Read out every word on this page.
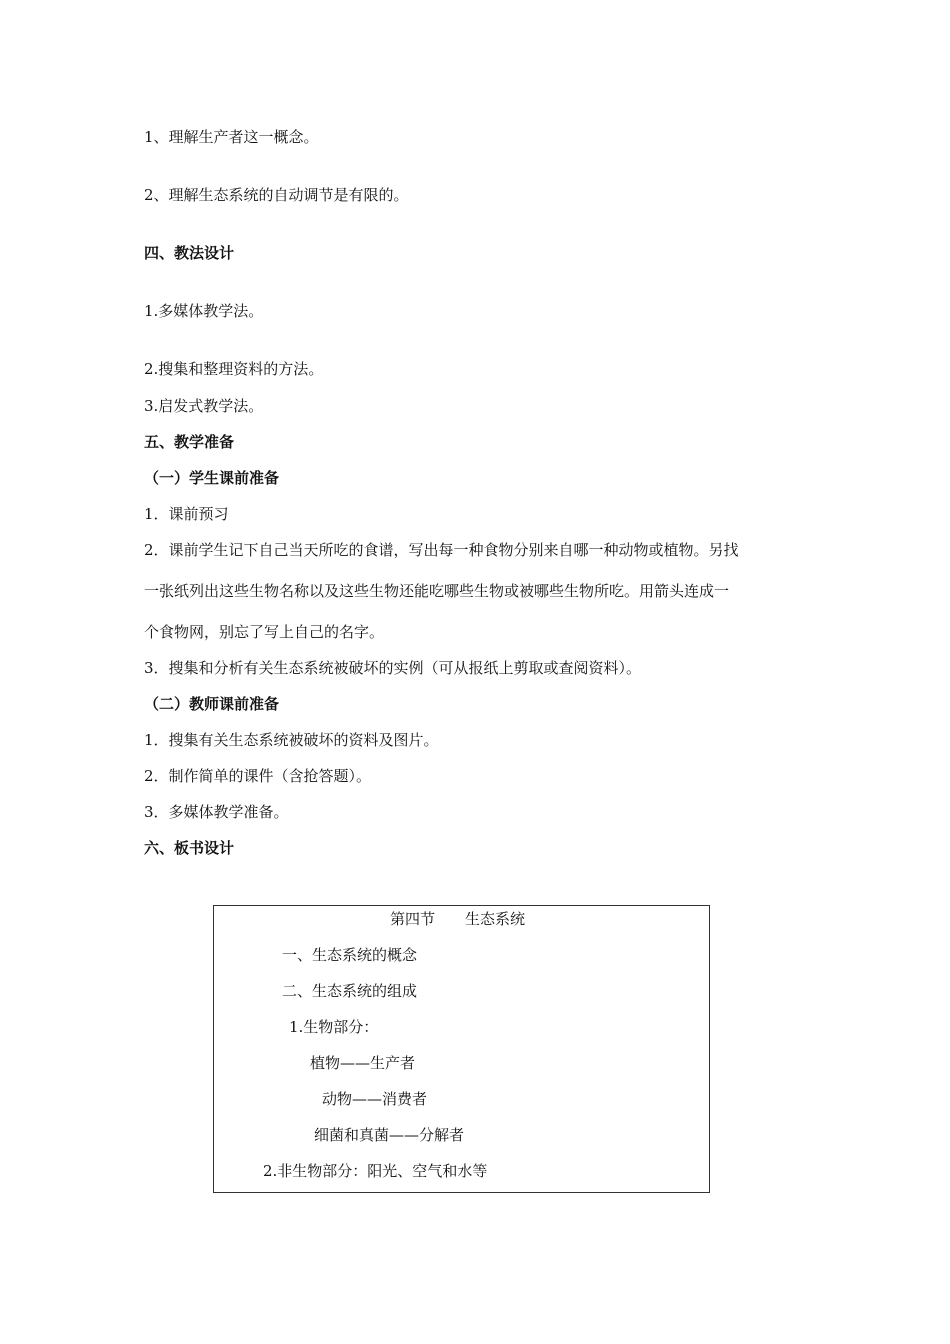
1、理解生产者这一概念。

2、理解生态系统的自动调节是有限的。

四、教法设计

1.多媒体教学法。

2.搜集和整理资料的方法。

3.启发式教学法。

五、教学准备

（一）学生课前准备

1．课前预习

2．课前学生记下自己当天所吃的食谱，写出每一种食物分别来自哪一种动物或植物。另找

一张纸列出这些生物名称以及这些生物还能吃哪些生物或被哪些生物所吃。用箭头连成一

个食物网，别忘了写上自己的名字。

3．搜集和分析有关生态系统被破坏的实例（可从报纸上剪取或查阅资料）。

（二）教师课前准备

1．搜集有关生态系统被破坏的资料及图片。

2．制作简单的课件（含抢答题）。

3．多媒体教学准备。

六、板书设计

第四节　　生态系统

一、生态系统的概念

二、生态系统的组成

1.生物部分：

植物——生产者

动物——消费者

细菌和真菌——分解者

2.非生物部分：阳光、空气和水等
